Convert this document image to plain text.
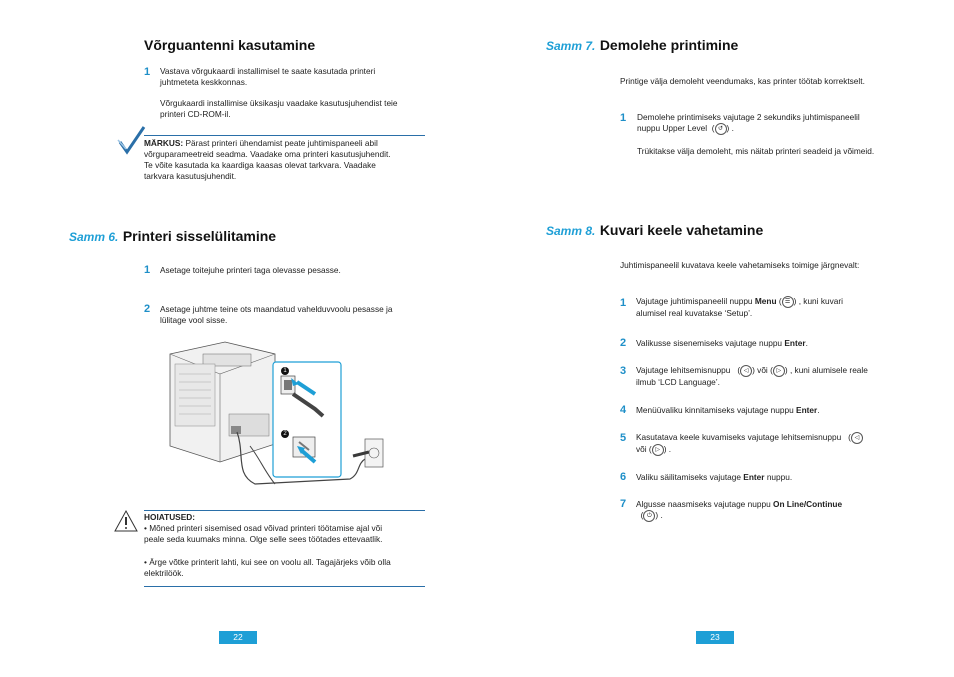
Võrguantenni kasutamine
1 Vastava võrgukaardi installimisel te saate kasutada printeri
juhtmeteta keskkonnas.
Võrgukaardi installimise üksikasju vaadake kasutusjuhendist teie
printeri CD-ROM-il.
MÄRKUS: Pärast printeri ühendamist peate juhtimispaneeli abil
võrguparameetreid seadma. Vaadake oma printeri kasutusjuhendit.
Te võite kasutada ka kaardiga kaasas olevat tarkvara. Vaadake
tarkvara kasutusjuhendit.
Samm 6. Printeri sisselülitamine
1 Asetage toitejuhe printeri taga olevasse pesasse.
2 Asetage juhtme teine ots maandatud vahelduvvoolu pesasse ja
lülitage vool sisse.
1
2
HOIATUSED:
• Mõned printeri sisemised osad võivad printeri töötamise ajal või
peale seda kuumaks minna. Olge selle sees töötades ettevaatlik.
• Ärge võtke printerit lahti, kui see on voolu all. Tagajärjeks võib olla
elektrilöök.
22
Samm 7. Demolehe printimine
Printige välja demoleht veendumaks, kas printer töötab korrektselt.
1 Demolehe printimiseks vajutage 2 sekundiks juhtimispaneelil
nuppu Upper Level  ( ↺ ) .
Trükitakse välja demoleht, mis näitab printeri seadeid ja võimeid.
Samm 8. Kuvari keele vahetamine
Juhtimispaneelil kuvatava keele vahetamiseks toimige järgnevalt:
1 Vajutage juhtimispaneelil nuppu Menu ( ☰ ) , kuni kuvari
alumisel real kuvatakse ‘Setup’.
2 Valikusse sisenemiseks vajutage nuppu Enter.
3 Vajutage lehitsemisnuppu   ( ◁ ) või ( ▷ ) , kuni alumisele reale
ilmub ‘LCD Language’.
4 Menüüvaliku kinnitamiseks vajutage nuppu Enter.
5 Kasutatava keele kuvamiseks vajutage lehitsemisnuppu   ( ◁
või ( ▷ ) .
6 Valiku säilitamiseks vajutage Enter nuppu.
7 Algusse naasmiseks vajutage nuppu On Line/Continue
( ⏻ ) .
23
